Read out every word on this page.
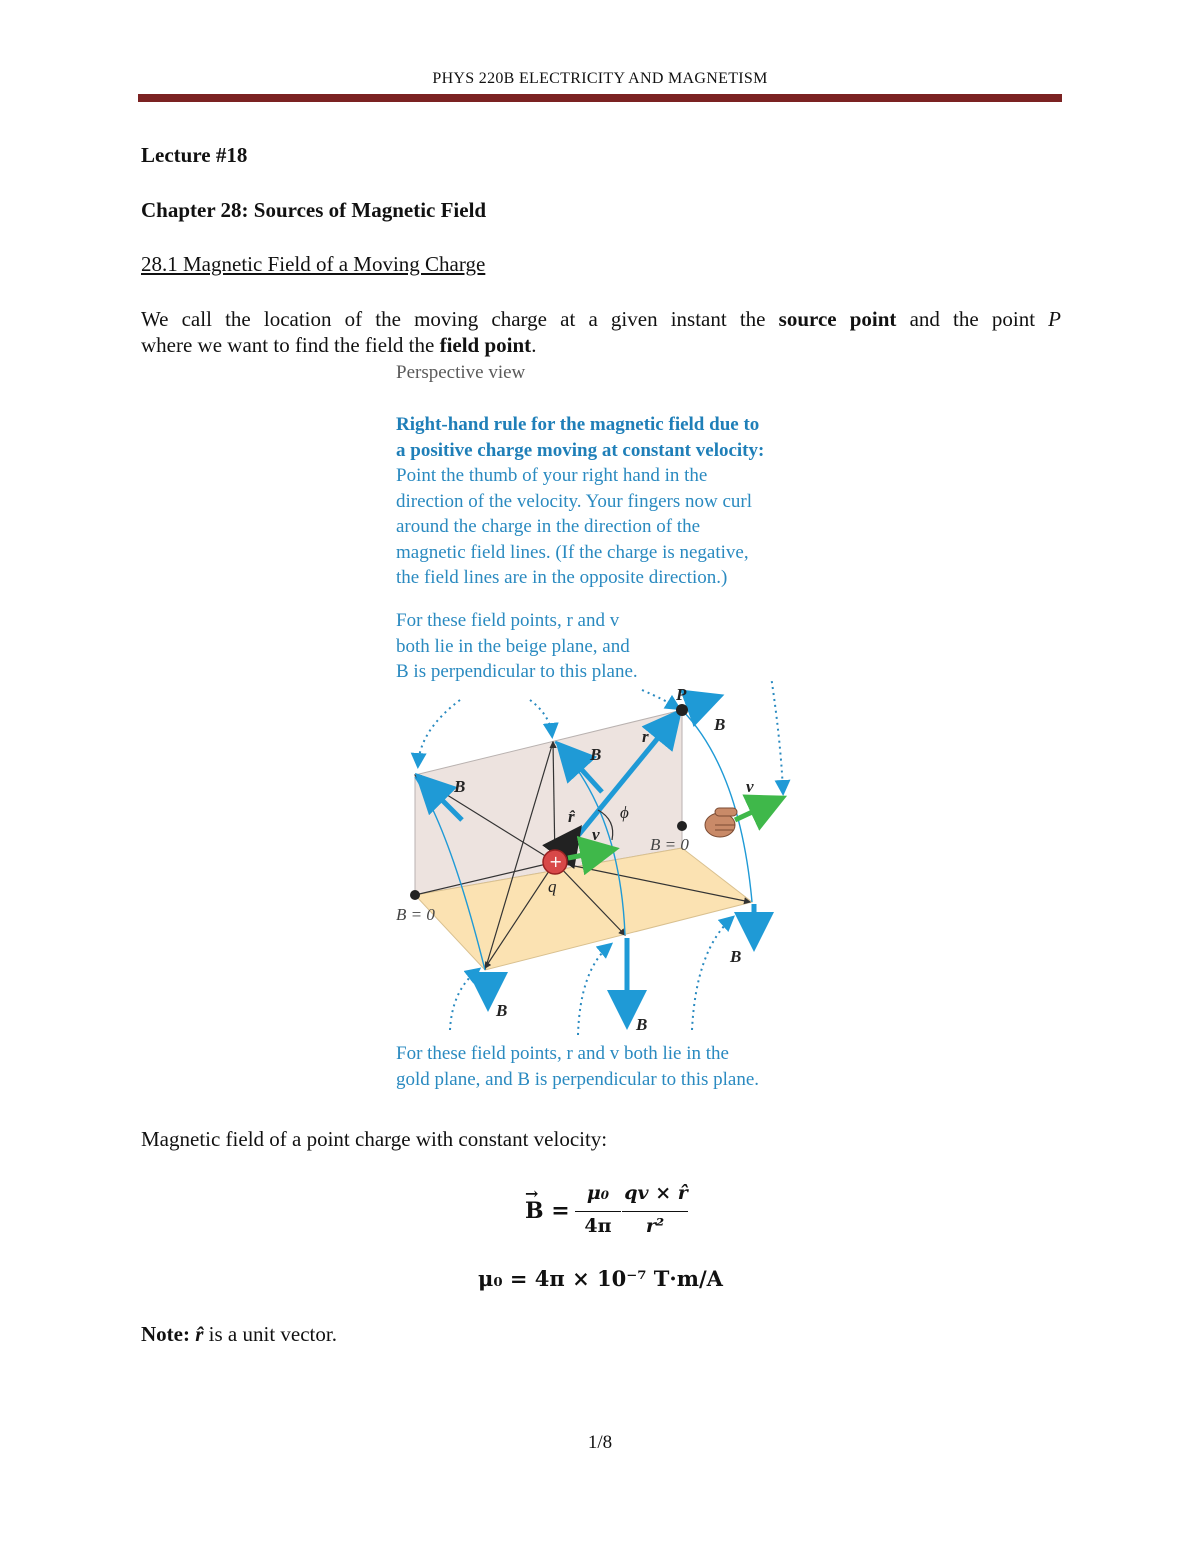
PHYS 220B ELECTRICITY AND MAGNETISM
Lecture #18
Chapter 28: Sources of Magnetic Field
28.1 Magnetic Field of a Moving Charge
We call the location of the moving charge at a given instant the source point and the point P
where we want to find the field the field point.
Perspective view
Right-hand rule for the magnetic field due to
a positive charge moving at constant velocity:
Point the thumb of your right hand in the
direction of the velocity. Your fingers now curl
around the charge in the direction of the
magnetic field lines. (If the charge is negative,
the field lines are in the opposite direction.)
For these field points, r and v
both lie in the beige plane, and
B is perpendicular to this plane.
P
r
r̂
v
v
q
ϕ
B
B
B
B
B
B
B = 0
B = 0
+
For these field points, r and v both lie in the
gold plane, and B is perpendicular to this plane.
Magnetic field of a point charge with constant velocity:
B
→
=
μ₀
4π
qv × r̂
r²
μ₀ = 4π × 10⁻⁷ T·m/A
Note: r̂ is a unit vector.
1/8
